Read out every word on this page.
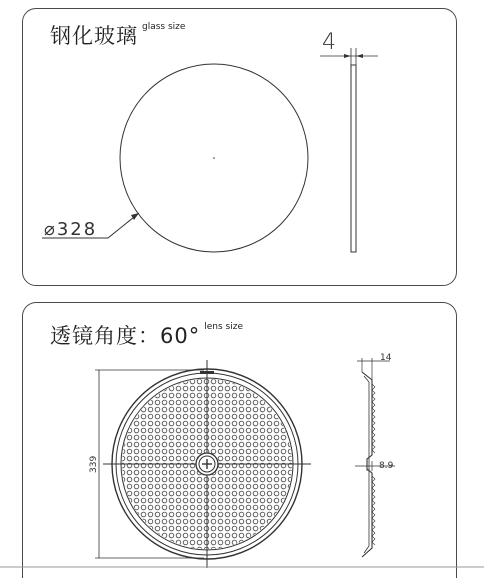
钢化玻璃 $^{glass size}$
⌀328
4
透镜角度：60° $^{lens size}$
339
14
8.9
